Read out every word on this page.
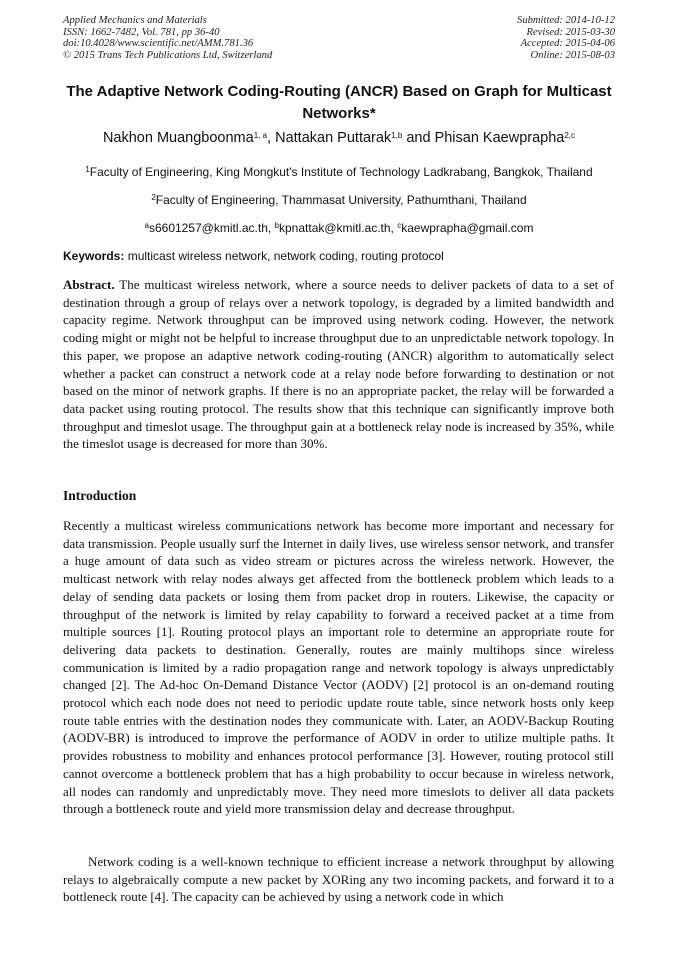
Applied Mechanics and Materials
ISSN: 1662-7482, Vol. 781, pp 36-40
doi:10.4028/www.scientific.net/AMM.781.36
© 2015 Trans Tech Publications Ltd, Switzerland
Submitted: 2014-10-12
Revised: 2015-03-30
Accepted: 2015-04-06
Online: 2015-08-03
The Adaptive Network Coding-Routing (ANCR) Based on Graph for Multicast Networks*
Nakhon Muangboonma$^{1, a}$, Nattakan Puttarak$^{1,b}$ and Phisan Kaewprapha$^{2,c}$
$^1$Faculty of Engineering, King Mongkut's Institute of Technology Ladkrabang, Bangkok, Thailand
$^2$Faculty of Engineering, Thammasat University, Pathumthani, Thailand
$^a$s6601257@kmitl.ac.th, $^b$kpnattak@kmitl.ac.th, $^c$kaewprapha@gmail.com
Keywords: multicast wireless network, network coding, routing protocol
Abstract. The multicast wireless network, where a source needs to deliver packets of data to a set of destination through a group of relays over a network topology, is degraded by a limited bandwidth and capacity regime. Network throughput can be improved using network coding. However, the network coding might or might not be helpful to increase throughput due to an unpredictable network topology. In this paper, we propose an adaptive network coding-routing (ANCR) algorithm to automatically select whether a packet can construct a network code at a relay node before forwarding to destination or not based on the minor of network graphs. If there is no an appropriate packet, the relay will be forwarded a data packet using routing protocol. The results show that this technique can significantly improve both throughput and timeslot usage. The throughput gain at a bottleneck relay node is increased by 35%, while the timeslot usage is decreased for more than 30%.
Introduction
Recently a multicast wireless communications network has become more important and necessary for data transmission. People usually surf the Internet in daily lives, use wireless sensor network, and transfer a huge amount of data such as video stream or pictures across the wireless network. However, the multicast network with relay nodes always get affected from the bottleneck problem which leads to a delay of sending data packets or losing them from packet drop in routers. Likewise, the capacity or throughput of the network is limited by relay capability to forward a received packet at a time from multiple sources [1]. Routing protocol plays an important role to determine an appropriate route for delivering data packets to destination. Generally, routes are mainly multihops since wireless communication is limited by a radio propagation range and network topology is always unpredictably changed [2]. The Ad-hoc On-Demand Distance Vector (AODV) [2] protocol is an on-demand routing protocol which each node does not need to periodic update route table, since network hosts only keep route table entries with the destination nodes they communicate with. Later, an AODV-Backup Routing (AODV-BR) is introduced to improve the performance of AODV in order to utilize multiple paths. It provides robustness to mobility and enhances protocol performance [3]. However, routing protocol still cannot overcome a bottleneck problem that has a high probability to occur because in wireless network, all nodes can randomly and unpredictably move. They need more timeslots to deliver all data packets through a bottleneck route and yield more transmission delay and decrease throughput.
Network coding is a well-known technique to efficient increase a network throughput by allowing relays to algebraically compute a new packet by XORing any two incoming packets, and forward it to a bottleneck route [4]. The capacity can be achieved by using a network code in which
